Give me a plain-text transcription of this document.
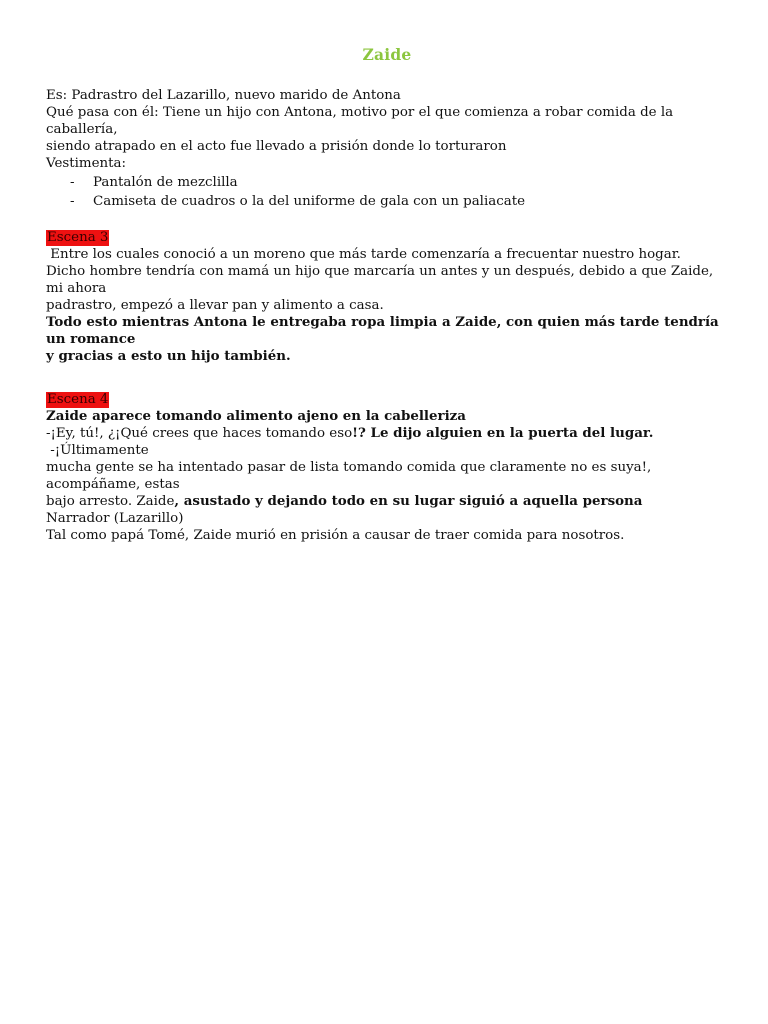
Zaide

Es: Padrastro del Lazarillo, nuevo marido de Antona

Qué pasa con él: Tiene un hijo con Antona, motivo por el que comienza a robar comida de la caballería,

siendo atrapado en el acto fue llevado a prisión donde lo torturaron

Vestimenta:

- Pantalón de mezclilla
- Camiseta de cuadros o la del uniforme de gala con un paliacate

Escena 3

Entre los cuales conoció a un moreno que más tarde comenzaría a frecuentar nuestro hogar.

Dicho hombre tendría con mamá un hijo que marcaría un antes y un después, debido a que Zaide, mi ahora

padrastro, empezó a llevar pan y alimento a casa.

Todo esto mientras Antona le entregaba ropa limpia a Zaide, con quien más tarde tendría un romance

y gracias a esto un hijo también.

Escena 4

Zaide aparece tomando alimento ajeno en la cabelleriza

-¡Ey, tú!, ¿¡Qué crees que haces tomando eso!? Le dijo alguien en la puerta del lugar. -¡Últimamente

mucha gente se ha intentado pasar de lista tomando comida que claramente no es suya!, acompáñame, estas

bajo arresto. Zaide, asustado y dejando todo en su lugar siguió a aquella persona

Narrador (Lazarillo)

Tal como papá Tomé, Zaide murió en prisión a causar de traer comida para nosotros.
